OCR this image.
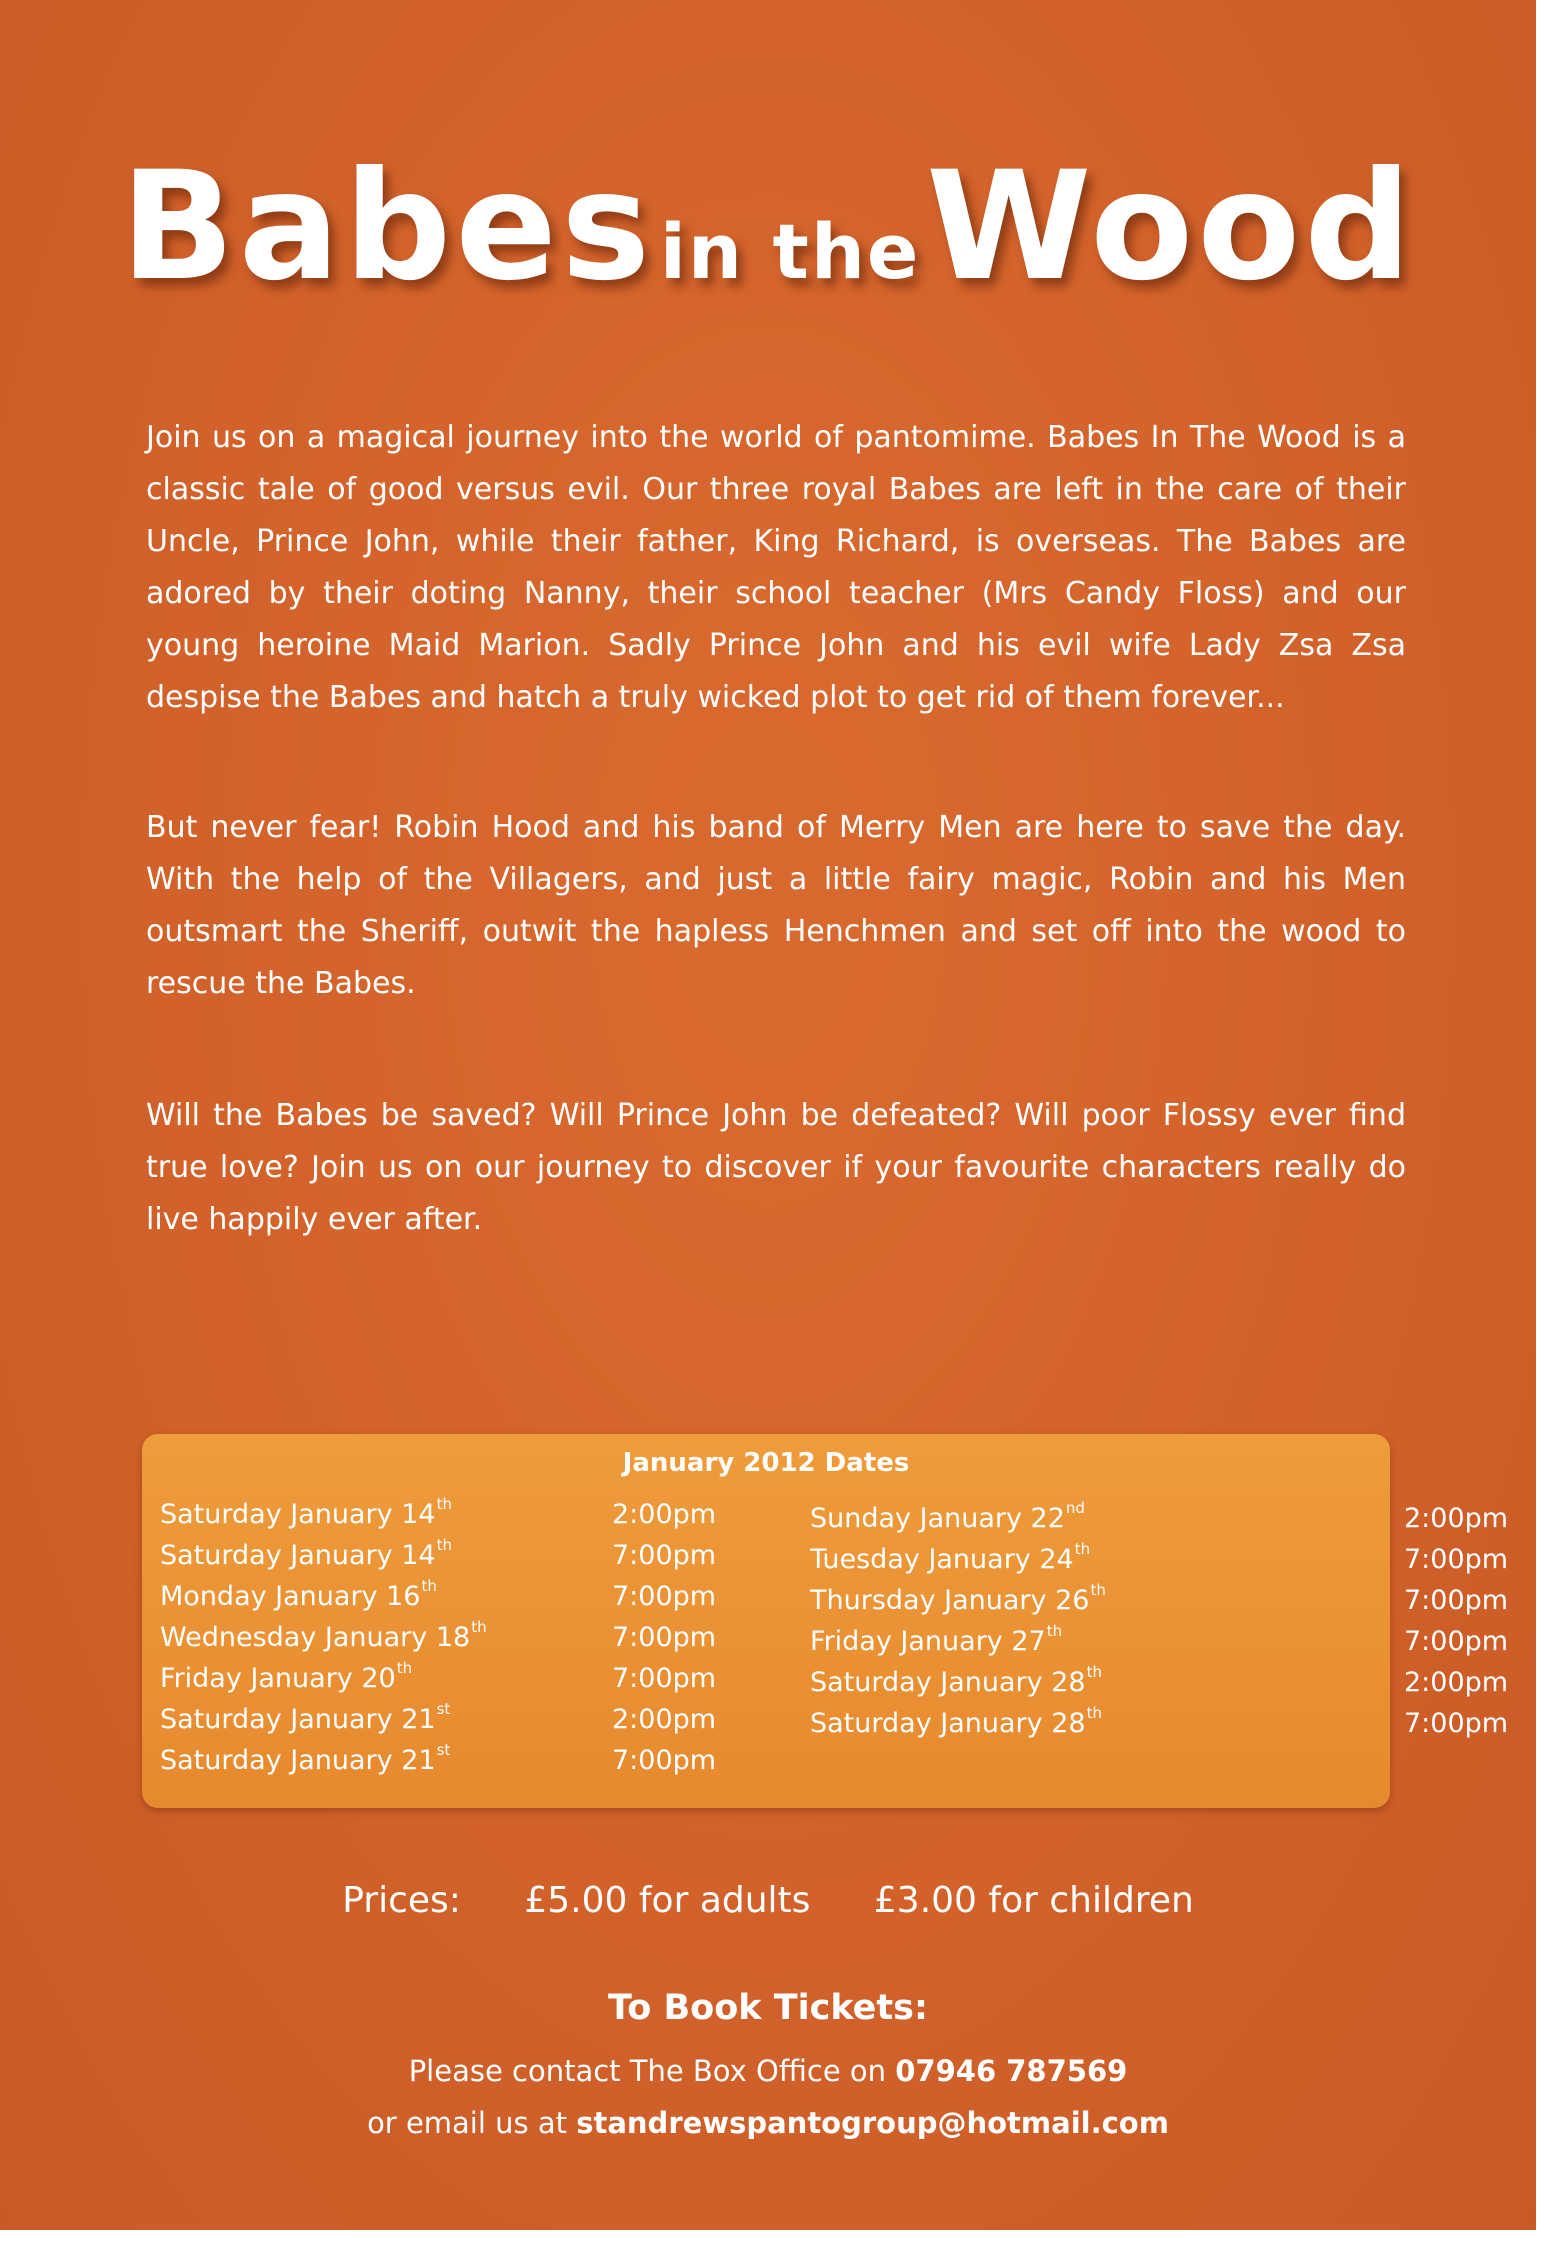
Babes in the Wood

Join us on a magical journey into the world of pantomime. Babes In The Wood is a classic tale of good versus evil. Our three royal Babes are left in the care of their Uncle, Prince John, while their father, King Richard, is overseas. The Babes are adored by their doting Nanny, their school teacher (Mrs Candy Floss) and our young heroine Maid Marion. Sadly Prince John and his evil wife Lady Zsa Zsa despise the Babes and hatch a truly wicked plot to get rid of them forever...

But never fear! Robin Hood and his band of Merry Men are here to save the day. With the help of the Villagers, and just a little fairy magic, Robin and his Men outsmart the Sheriff, outwit the hapless Henchmen and set off into the wood to rescue the Babes.

Will the Babes be saved? Will Prince John be defeated? Will poor Flossy ever find true love? Join us on our journey to discover if your favourite characters really do live happily ever after.

January 2012 Dates
Saturday January 14th	2:00pm
Saturday January 14th	7:00pm
Monday January 16th	7:00pm
Wednesday January 18th	7:00pm
Friday January 20th	7:00pm
Saturday January 21st	2:00pm
Saturday January 21st	7:00pm
Sunday January 22nd	2:00pm
Tuesday January 24th	7:00pm
Thursday January 26th	7:00pm
Friday January 27th	7:00pm
Saturday January 28th	2:00pm
Saturday January 28th	7:00pm
Prices: £5.00 for adults £3.00 for children
To Book Tickets:
Please contact The Box Office on 07946 787569
or email us at standrewspantogroup@hotmail.com
